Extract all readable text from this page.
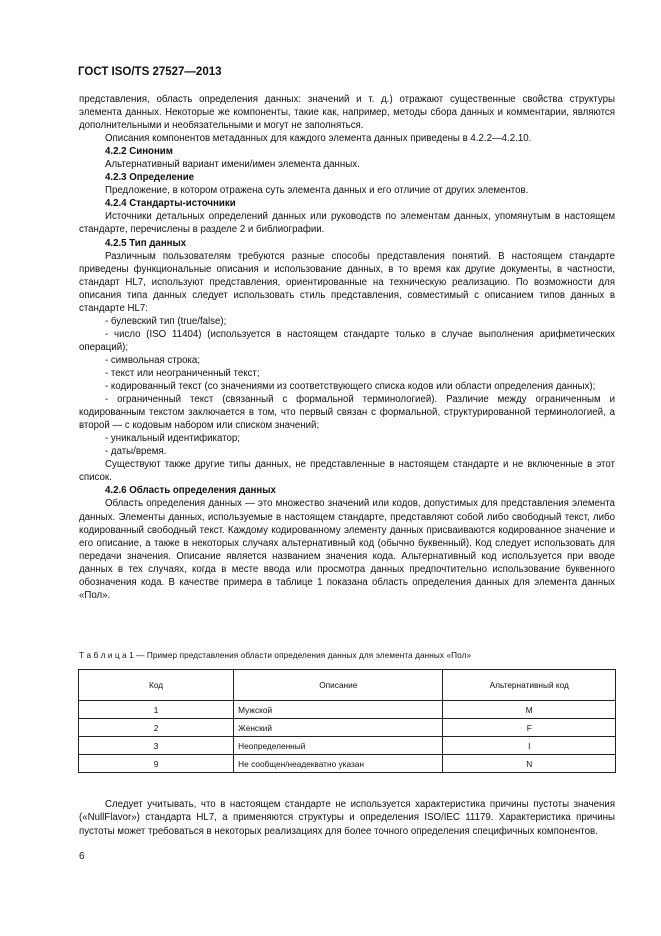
ГОСТ ISO/TS 27527—2013

представления, область определения данных: значений и т. д.) отражают существенные свойства структуры элемента данных. Некоторые же компоненты, такие как, например, методы сбора данных и комментарии, являются дополнительными и необязательными и могут не заполняться.

Описания компонентов метаданных для каждого элемента данных приведены в 4.2.2—4.2.10.

4.2.2 Синоним

Альтернативный вариант имени/имен элемента данных.

4.2.3 Определение

Предложение, в котором отражена суть элемента данных и его отличие от других элементов.

4.2.4 Стандарты-источники

Источники детальных определений данных или руководств по элементам данных, упомянутым в настоящем стандарте, перечислены в разделе 2 и библиографии.

4.2.5 Тип данных

Различным пользователям требуются разные способы представления понятий. В настоящем стандарте приведены функциональные описания и использование данных, в то время как другие документы, в частности, стандарт HL7, используют представления, ориентированные на техническую реализацию. По возможности для описания типа данных следует использовать стиль представления, совместимый с описанием типов данных в стандарте HL7:

- булевский тип (true/false);

- число (ISO 11404) (используется в настоящем стандарте только в случае выполнения арифметических операций);

- символьная строка;

- текст или неограниченный текст;

- кодированный текст (со значениями из соответствующего списка кодов или области определения данных);

- ограниченный текст (связанный с формальной терминологией). Различие между ограниченным и кодированным текстом заключается в том, что первый связан с формальной, структурированной терминологией, а второй — с кодовым набором или списком значений;

- уникальный идентификатор;

- даты/время.

Существуют также другие типы данных, не представленные в настоящем стандарте и не включенные в этот список.

4.2.6 Область определения данных

Область определения данных — это множество значений или кодов, допустимых для представления элемента данных. Элементы данных, используемые в настоящем стандарте, представляют собой либо свободный текст, либо кодированный свободный текст. Каждому кодированному элементу данных присваиваются кодированное значение и его описание, а также в некоторых случаях альтернативный код (обычно буквенный). Код следует использовать для передачи значения. Описание является названием значения кода. Альтернативный код используется при вводе данных в тех случаях, когда в месте ввода или просмотра данных предпочтительно использование буквенного обозначения кода. В качестве примера в таблице 1 показана область определения данных для элемента данных «Пол».

Т а б л и ц а 1 — Пример представления области определения данных для элемента данных «Пол»
Код	Описание	Альтернативный код
1	Мужской	M
2	Женский	F
3	Неопределенный	I
9	Не сообщен/неадекватно указан	N

Следует учитывать, что в настоящем стандарте не используется характеристика причины пустоты значения («NullFlavor») стандарта HL7, а применяются структуры и определения ISO/IEC 11179. Характеристика причины пустоты может требоваться в некоторых реализациях для более точного определения специфичных компонентов.

6
